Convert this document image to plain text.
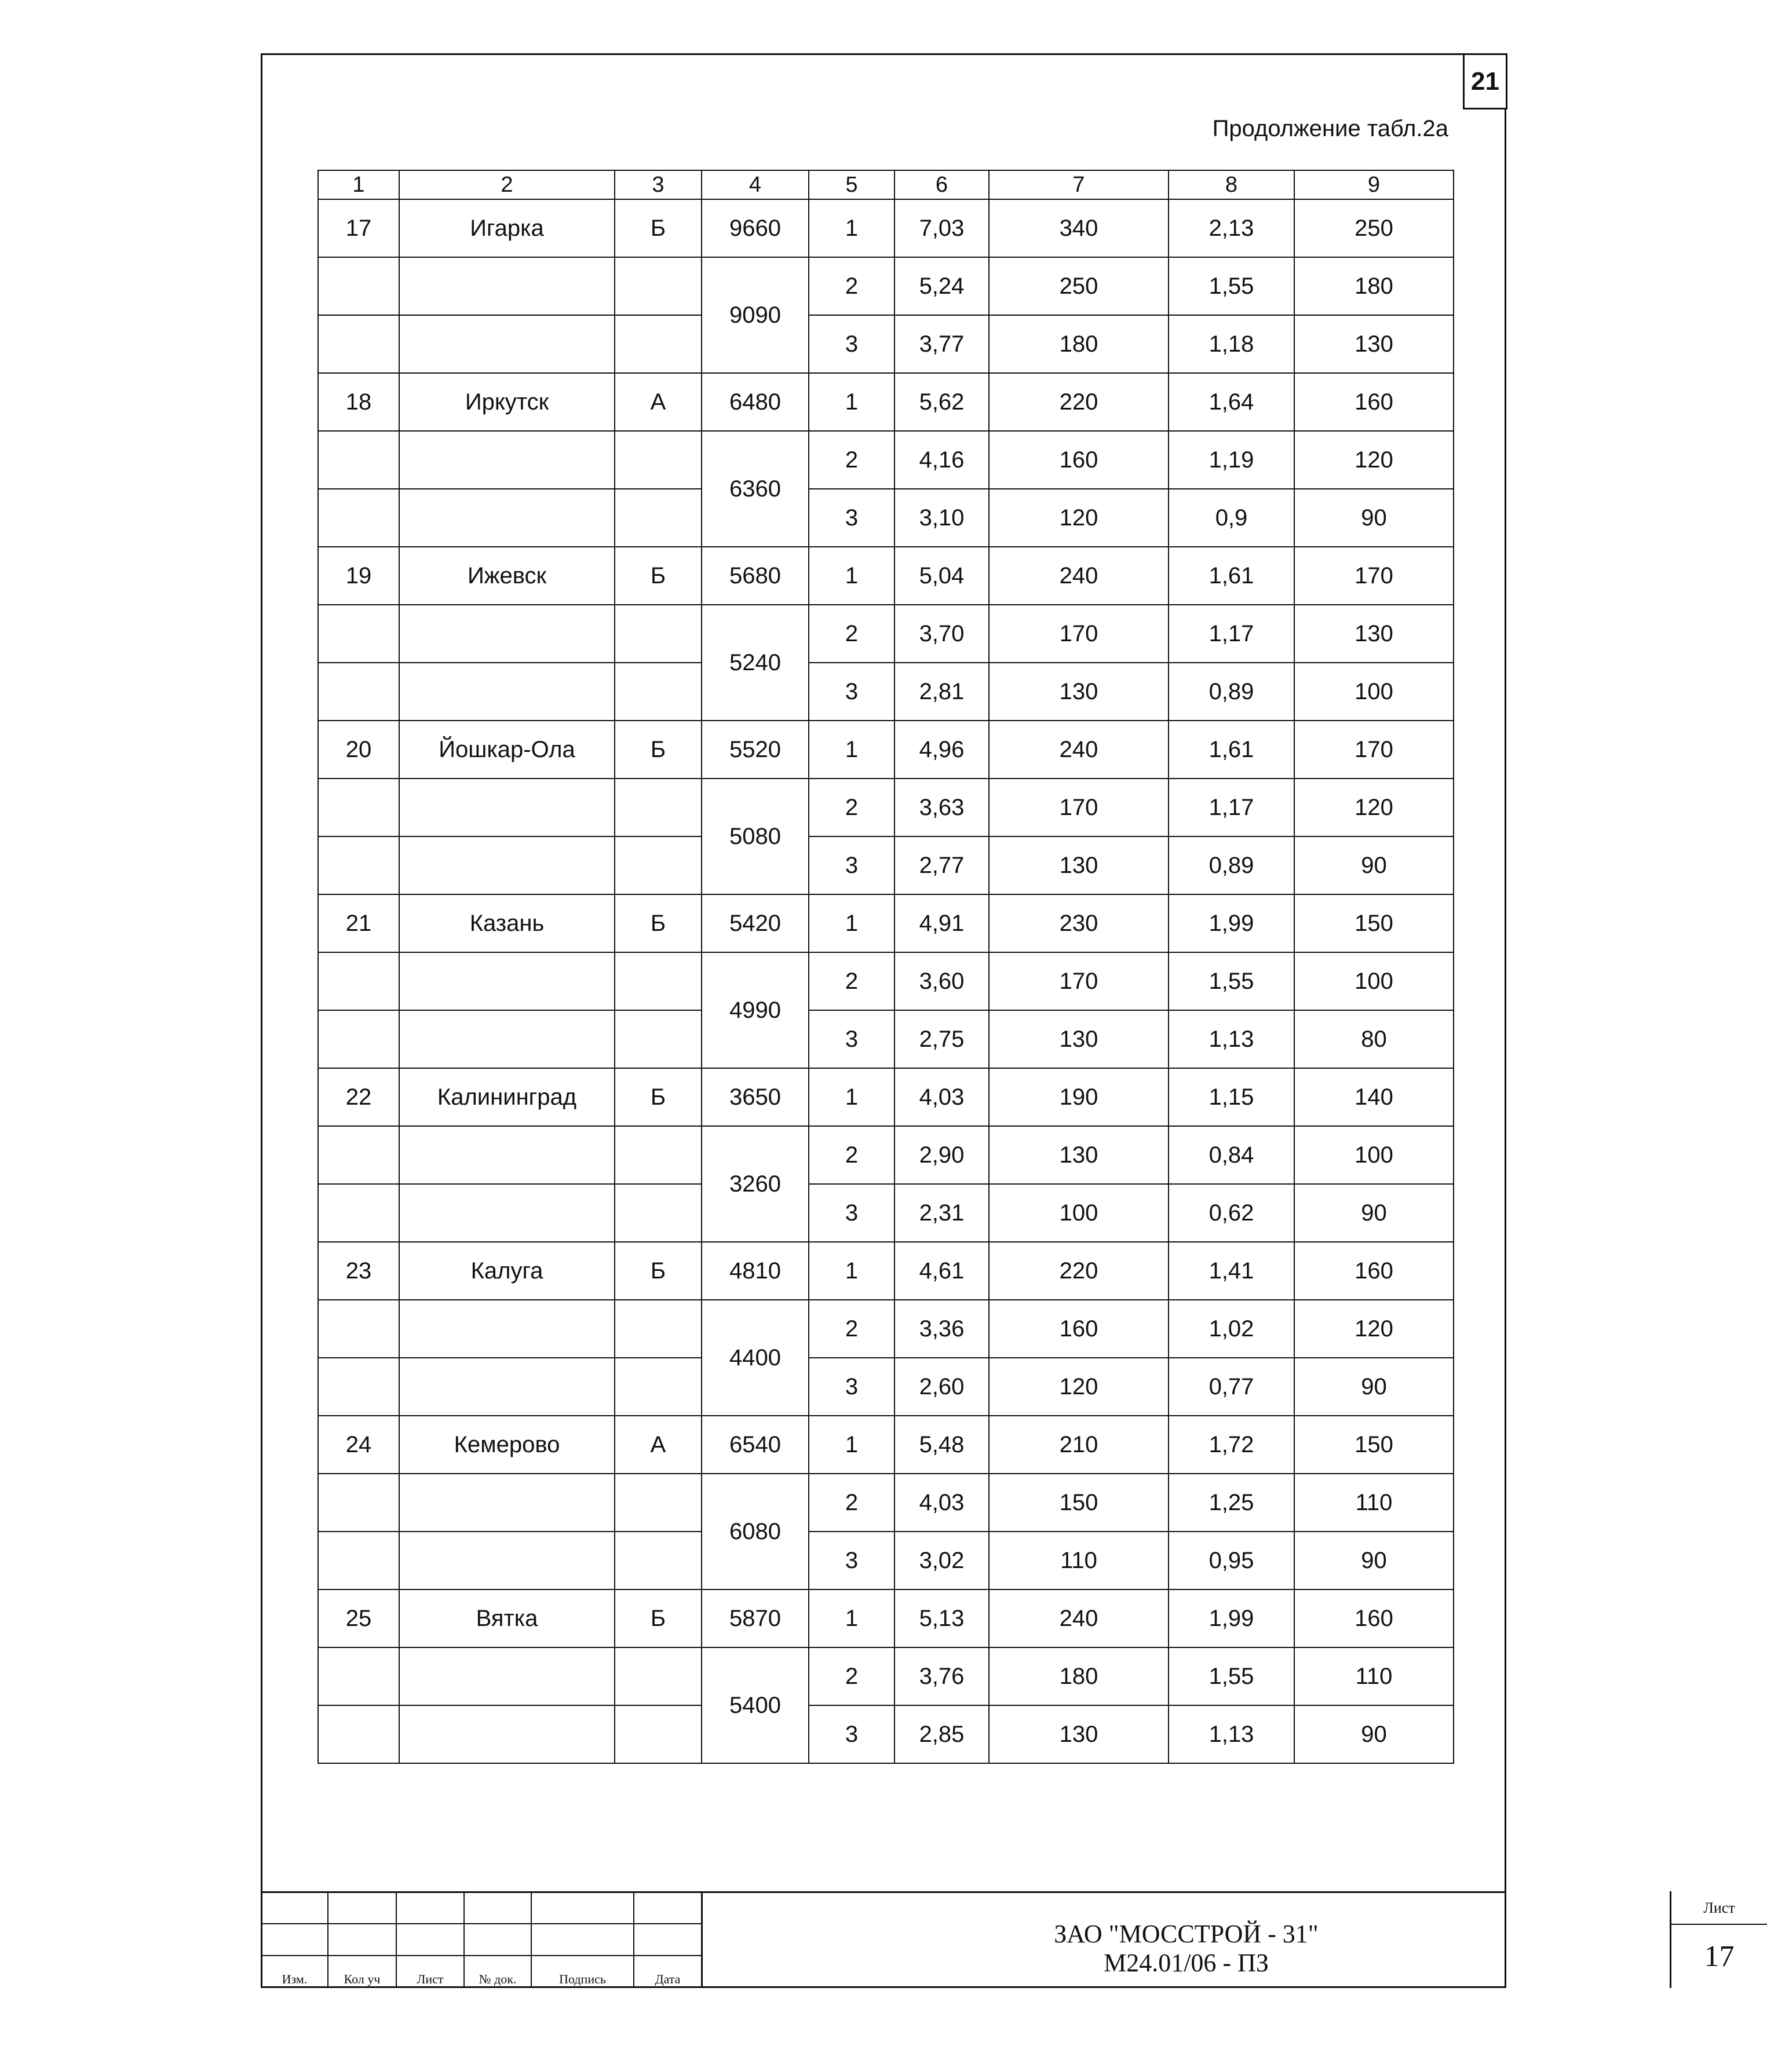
21
Продолжение табл.2а
1	2	3	4	5	6	7	8	9
17	Игарка	Б	9660	1	7,03	340	2,13	250
			9090	2	5,24	250	1,55	180
				3	3,77	180	1,18	130
18	Иркутск	А	6480	1	5,62	220	1,64	160
			6360	2	4,16	160	1,19	120
				3	3,10	120	0,9	90
19	Ижевск	Б	5680	1	5,04	240	1,61	170
			5240	2	3,70	170	1,17	130
				3	2,81	130	0,89	100
20	Йошкар-Ола	Б	5520	1	4,96	240	1,61	170
			5080	2	3,63	170	1,17	120
				3	2,77	130	0,89	90
21	Казань	Б	5420	1	4,91	230	1,99	150
			4990	2	3,60	170	1,55	100
				3	2,75	130	1,13	80
22	Калининград	Б	3650	1	4,03	190	1,15	140
			3260	2	2,90	130	0,84	100
				3	2,31	100	0,62	90
23	Калуга	Б	4810	1	4,61	220	1,41	160
			4400	2	3,36	160	1,02	120
				3	2,60	120	0,77	90
24	Кемерово	А	6540	1	5,48	210	1,72	150
			6080	2	4,03	150	1,25	110
				3	3,02	110	0,95	90
25	Вятка	Б	5870	1	5,13	240	1,99	160
			5400	2	3,76	180	1,55	110
				3	2,85	130	1,13	90

Изм.	Кол уч	Лист	№ док.	Подпись	Дата
ЗАО "МОССТРОЙ - 31"
М24.01/06 - ПЗ
Лист
17
